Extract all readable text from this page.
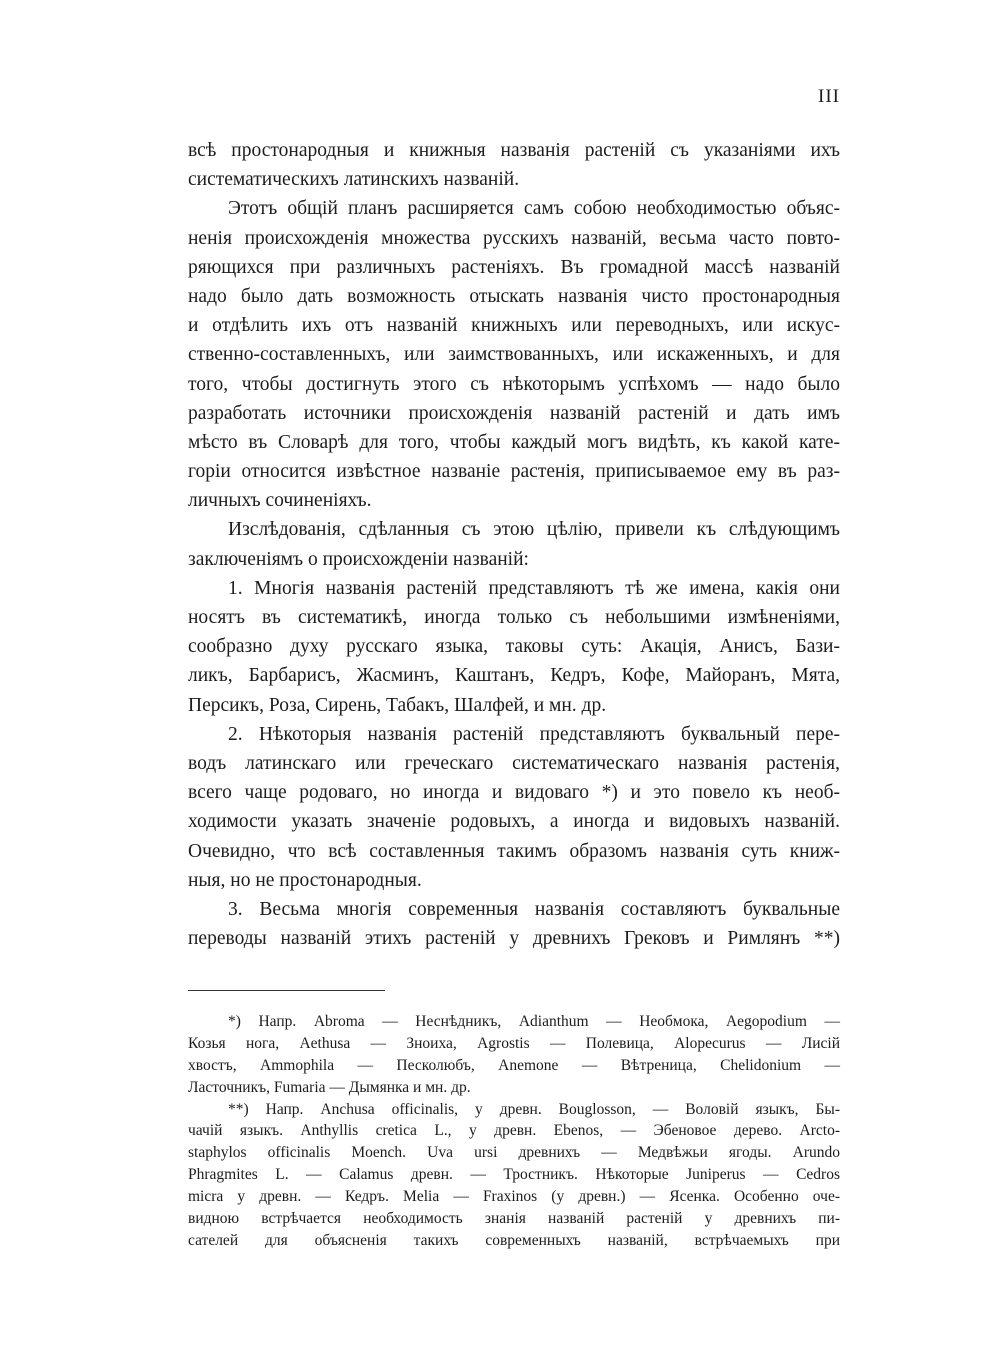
III
всѣ простонародныя и книжныя названія растеній съ указаніями ихъ
систематическихъ латинскихъ названій.
Этотъ общій планъ расширяется самъ собою необходимостью объяс-
ненія происхожденія множества русскихъ названій, весьма часто повто-
ряющихся при различныхъ растеніяхъ. Въ громадной массѣ названій
надо было дать возможность отыскать названія чисто простонародныя
и отдѣлить ихъ отъ названій книжныхъ или переводныхъ, или искус-
ственно-составленныхъ, или заимствованныхъ, или искаженныхъ, и для
того, чтобы достигнуть этого съ нѣкоторымъ успѣхомъ — надо было
разработать источники происхожденія названій растеній и дать имъ
мѣсто въ Словарѣ для того, чтобы каждый могъ видѣть, къ какой кате-
горіи относится извѣстное названіе растенія, приписываемое ему въ раз-
личныхъ сочиненіяхъ.
Изслѣдованія, сдѣланныя съ этою цѣлію, привели къ слѣдующимъ
заключеніямъ о происхожденіи названій:
1. Многія названія растеній представляютъ тѣ же имена, какія они
носятъ въ систематикѣ, иногда только съ небольшими измѣненіями,
сообразно духу русскаго языка, таковы суть: Акація, Анисъ, Бази-
ликъ, Барбарисъ, Жасминъ, Каштанъ, Кедръ, Кофе, Майоранъ, Мята,
Персикъ, Роза, Сирень, Табакъ, Шалфей, и мн. др.
2. Нѣкоторыя названія растеній представляютъ буквальный пере-
водъ латинскаго или греческаго систематическаго названія растенія,
всего чаще родоваго, но иногда и видоваго *) и это повело къ необ-
ходимости указать значеніе родовыхъ, а иногда и видовыхъ названій.
Очевидно, что всѣ составленныя такимъ образомъ названія суть книж-
ныя, но не простонародныя.
3. Весьма многія современныя названія составляютъ буквальные
переводы названій этихъ растеній у древнихъ Грековъ и Римлянъ **)
*) Напр. Abroma — Неснѣдникъ, Adianthum — Необмока, Aegopodium —
Козья нога, Aethusa — Зноиха, Agrostis — Полевица, Alopecurus — Лисій
хвостъ, Ammophila — Песколюбъ, Anemone — Вѣтреница, Chelidonium —
Ласточникъ, Fumaria — Дымянка и мн. др.
**) Напр. Anchusa officinalis, у древн. Bouglosson, — Воловій языкъ, Бы-
чачій языкъ. Anthyllis cretica L., у древн. Ebenos, — Эбеновое дерево. Arcto-
staphylos officinalis Moench. Uva ursi древнихъ — Медвѣжьи ягоды. Arundo
Phragmites L. — Calamus древн. — Тростникъ. Нѣкоторые Juniperus — Cedros
micra у древн. — Кедръ. Melia — Fraxinos (у древн.) — Ясенка. Особенно оче-
видною встрѣчается необходимость знанія названій растеній у древнихъ пи-
сателей для объясненія такихъ современныхъ названій, встрѣчаемыхъ при
